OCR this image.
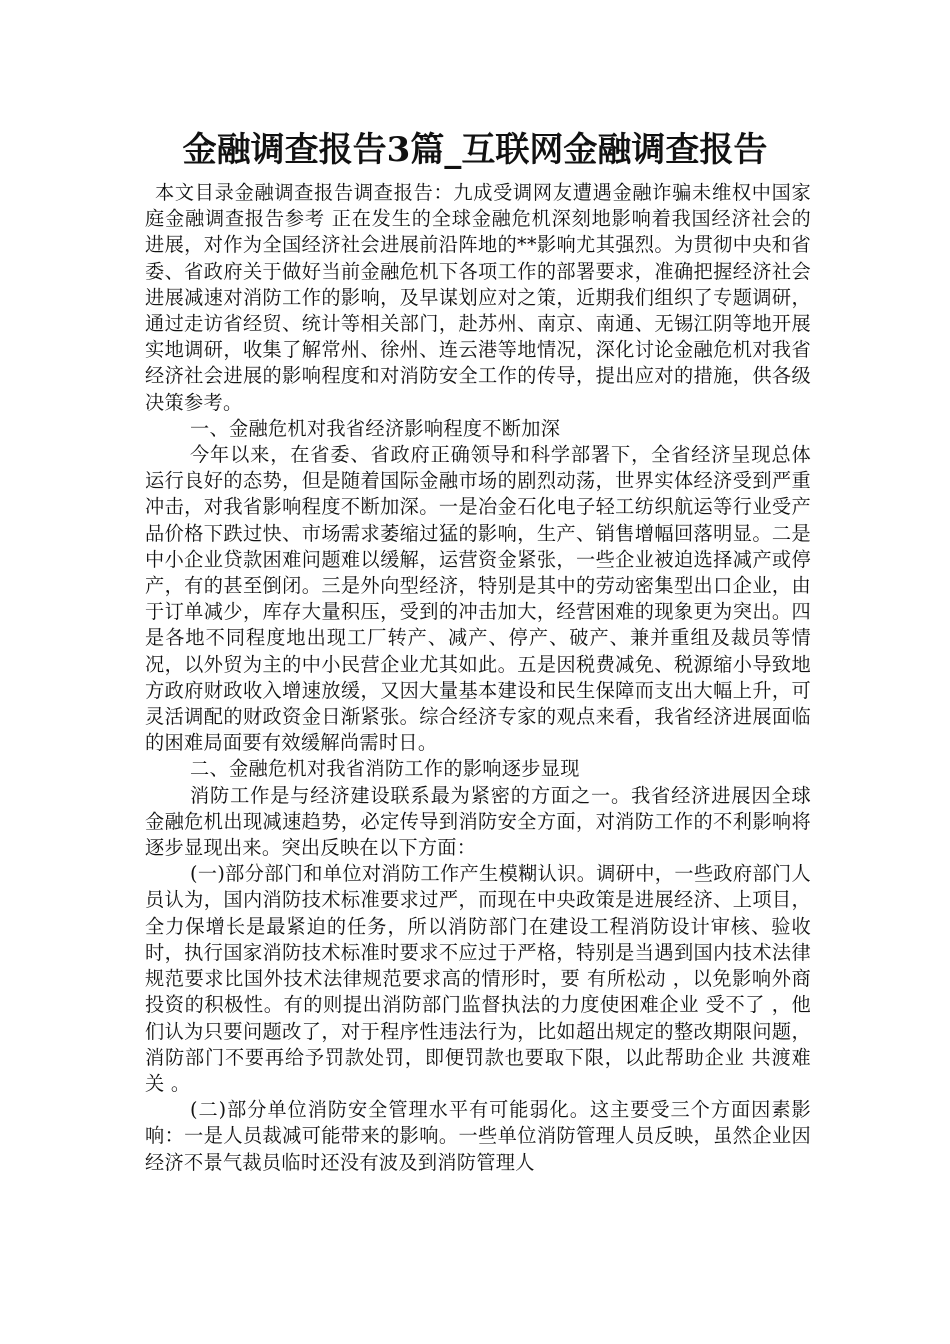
金融调查报告3篇_互联网金融调查报告

本文目录金融调查报告调查报告：九成受调网友遭遇金融诈骗未维权中国家庭金融调查报告参考 正在发生的全球金融危机深刻地影响着我国经济社会的进展，对作为全国经济社会进展前沿阵地的**影响尤其强烈。为贯彻中央和省委、省政府关于做好当前金融危机下各项工作的部署要求，准确把握经济社会进展减速对消防工作的影响，及早谋划应对之策，近期我们组织了专题调研，通过走访省经贸、统计等相关部门，赴苏州、南京、南通、无锡江阴等地开展实地调研，收集了解常州、徐州、连云港等地情况，深化讨论金融危机对我省经济社会进展的影响程度和对消防安全工作的传导，提出应对的措施，供各级决策参考。

一、金融危机对我省经济影响程度不断加深

今年以来，在省委、省政府正确领导和科学部署下，全省经济呈现总体运行良好的态势，但是随着国际金融市场的剧烈动荡，世界实体经济受到严重冲击，对我省影响程度不断加深。一是冶金石化电子轻工纺织航运等行业受产品价格下跌过快、市场需求萎缩过猛的影响，生产、销售增幅回落明显。二是中小企业贷款困难问题难以缓解，运营资金紧张，一些企业被迫选择减产或停产，有的甚至倒闭。三是外向型经济，特别是其中的劳动密集型出口企业，由于订单减少，库存大量积压，受到的冲击加大，经营困难的现象更为突出。四是各地不同程度地出现工厂转产、减产、停产、破产、兼并重组及裁员等情况，以外贸为主的中小民营企业尤其如此。五是因税费减免、税源缩小导致地方政府财政收入增速放缓，又因大量基本建设和民生保障而支出大幅上升，可灵活调配的财政资金日渐紧张。综合经济专家的观点来看，我省经济进展面临的困难局面要有效缓解尚需时日。

二、金融危机对我省消防工作的影响逐步显现

消防工作是与经济建设联系最为紧密的方面之一。我省经济进展因全球金融危机出现减速趋势，必定传导到消防安全方面，对消防工作的不利影响将逐步显现出来。突出反映在以下方面：

(一)部分部门和单位对消防工作产生模糊认识。调研中，一些政府部门人员认为，国内消防技术标准要求过严，而现在中央政策是进展经济、上项目，全力保增长是最紧迫的任务，所以消防部门在建设工程消防设计审核、验收时，执行国家消防技术标准时要求不应过于严格，特别是当遇到国内技术法律规范要求比国外技术法律规范要求高的情形时，要 有所松动 ，以免影响外商投资的积极性。有的则提出消防部门监督执法的力度使困难企业 受不了 ，他们认为只要问题改了，对于程序性违法行为，比如超出规定的整改期限问题，消防部门不要再给予罚款处罚，即便罚款也要取下限，以此帮助企业 共渡难关 。

(二)部分单位消防安全管理水平有可能弱化。这主要受三个方面因素影响：一是人员裁减可能带来的影响。一些单位消防管理人员反映，虽然企业因经济不景气裁员临时还没有波及到消防管理人
